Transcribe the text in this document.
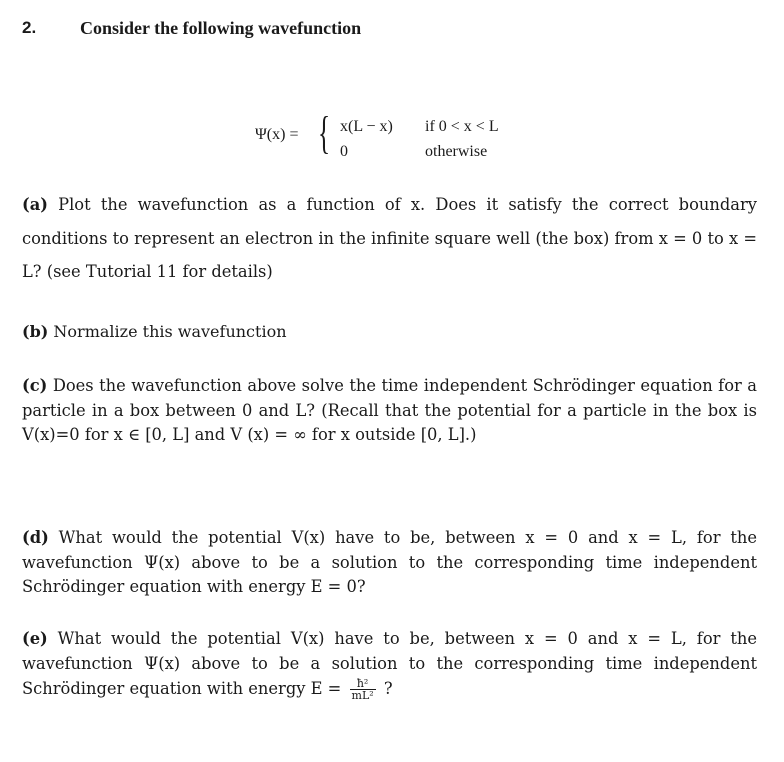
2. Consider the following wavefunction
Ψ(x) = { x(L − x) if 0 < x < L
0	otherwise
(a) Plot the wavefunction as a function of x. Does it satisfy the correct boundary conditions to represent an electron in the infinite square well (the box) from x = 0 to x = L? (see Tutorial 11 for details)
(b) Normalize this wavefunction
(c) Does the wavefunction above solve the time independent Schrödinger equation for a particle in a box between 0 and L? (Recall that the potential for a particle in the box is V(x)=0 for x ∈ [0, L] and V (x) = ∞ for x outside [0, L].)
(d) What would the potential V(x) have to be, between x = 0 and x = L, for the wavefunction Ψ(x) above to be a solution to the corresponding time independent Schrödinger equation with energy E = 0?
(e) What would the potential V(x) have to be, between x = 0 and x = L, for the wavefunction Ψ(x) above to be a solution to the corresponding time independent Schrödinger equation with energy $E = \frac{\text{ħ²}}{\text{mL²}}$ ?
